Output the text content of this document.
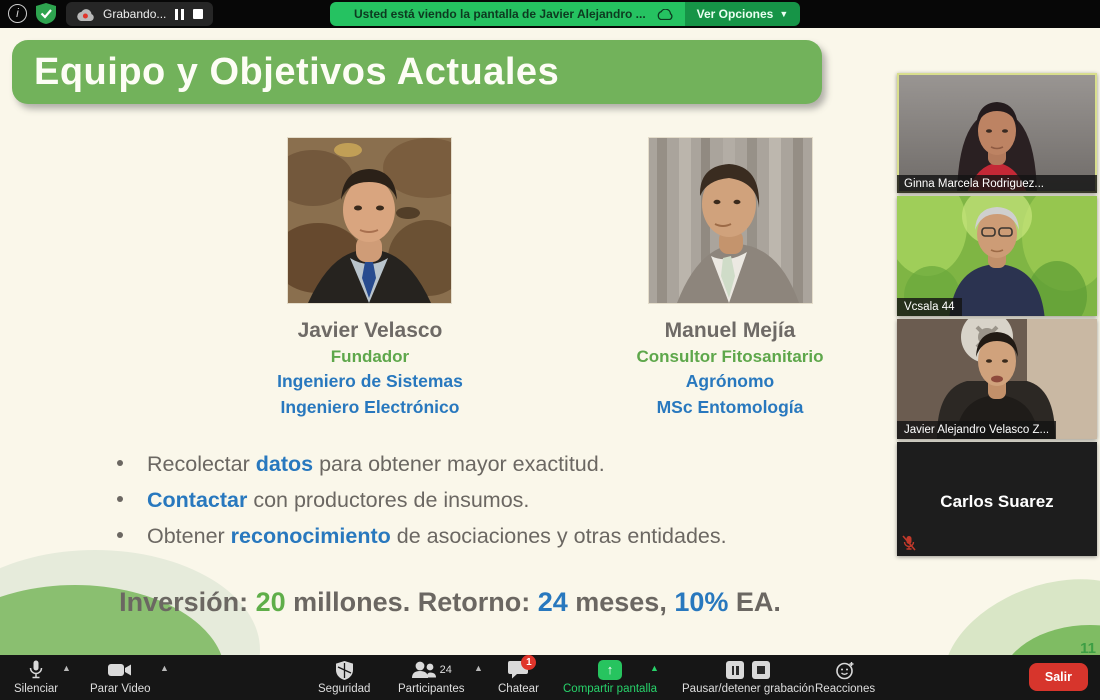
i	Grabando...	Usted está viendo la pantalla de Javier Alejandro ...	Ver Opciones ▼
11
Equipo y Objetivos Actuales
Javier Velasco
Fundador
Ingeniero de Sistemas
Ingeniero Electrónico
Manuel Mejía
Consultor Fitosanitario
Agrónomo
MSc Entomología
Recolectar datos para obtener mayor exactitud.
Contactar con productores de insumos.
Obtener reconocimiento de asociaciones y otras entidades.
Inversión: 20 millones. Retorno: 24 meses, 10% EA.
Ginna Marcela Rodriguez...
Vcsala 44
Javier Alejandro Velasco Z...
Carlos Suarez
Silenciar
▲
Parar Video
▲
Seguridad
24
Participantes
▲	1
Chatear
↑
Compartir pantalla
▲
Pausar/detener grabación Reacciones
Salir
